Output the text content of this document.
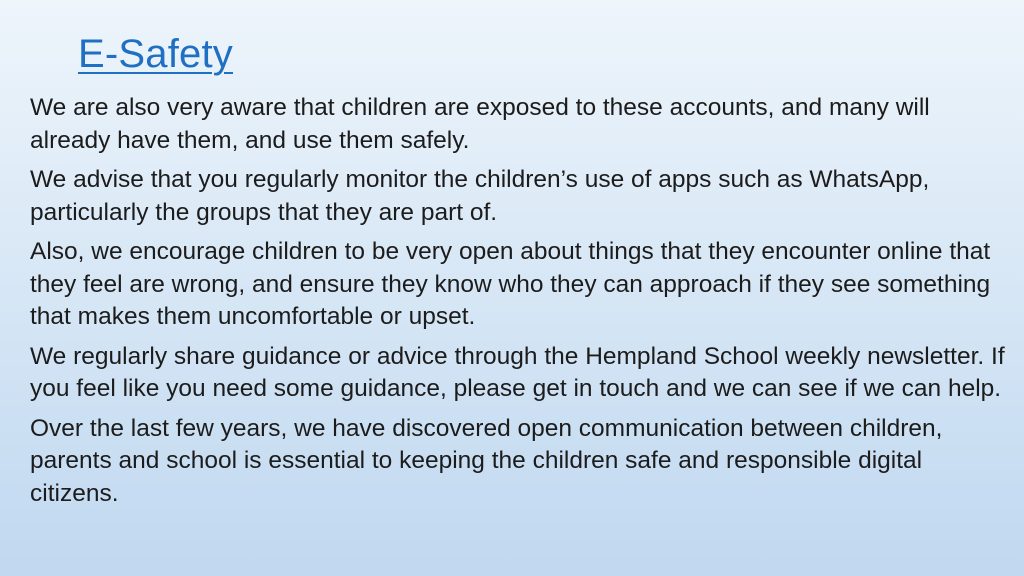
E-Safety

We are also very aware that children are exposed to these accounts, and many will already have them, and use them safely.

We advise that you regularly monitor the children’s use of apps such as WhatsApp, particularly the groups that they are part of.

Also, we encourage children to be very open about things that they encounter online that they feel are wrong, and ensure they know who they can approach if they see something that makes them uncomfortable or upset.

We regularly share guidance or advice through the Hempland School weekly newsletter. If you feel like you need some guidance, please get in touch and we can see if we can help.

Over the last few years, we have discovered open communication between children, parents and school is essential to keeping the children safe and responsible digital citizens.
